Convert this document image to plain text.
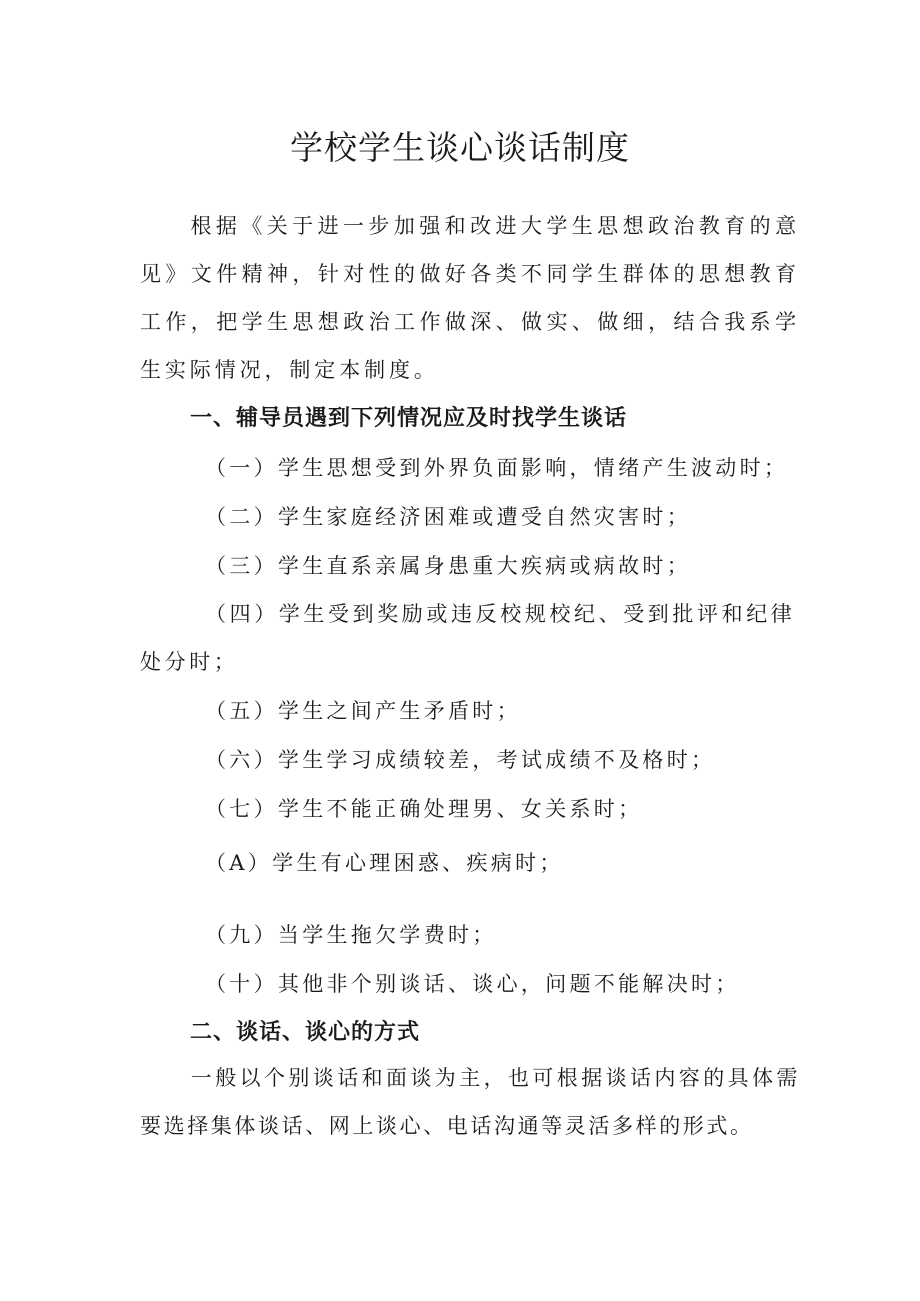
学校学生谈心谈话制度

根据《关于进一步加强和改进大学生思想政治教育的意见》文件精神，针对性的做好各类不同学生群体的思想教育工作，把学生思想政治工作做深、做实、做细，结合我系学生实际情况，制定本制度。

一、辅导员遇到下列情况应及时找学生谈话
（一）学生思想受到外界负面影响，情绪产生波动时；
（二）学生家庭经济困难或遭受自然灾害时；
（三）学生直系亲属身患重大疾病或病故时；

（四）学生受到奖励或违反校规校纪、受到批评和纪律处分时；

（五）学生之间产生矛盾时；
（六）学生学习成绩较差，考试成绩不及格时；
（七）学生不能正确处理男、女关系时；
（A）学生有心理困惑、疾病时；
（九）当学生拖欠学费时；
（十）其他非个别谈话、谈心，问题不能解决时；
二、谈话、谈心的方式

一般以个别谈话和面谈为主，也可根据谈话内容的具体需要选择集体谈话、网上谈心、电话沟通等灵活多样的形式。
